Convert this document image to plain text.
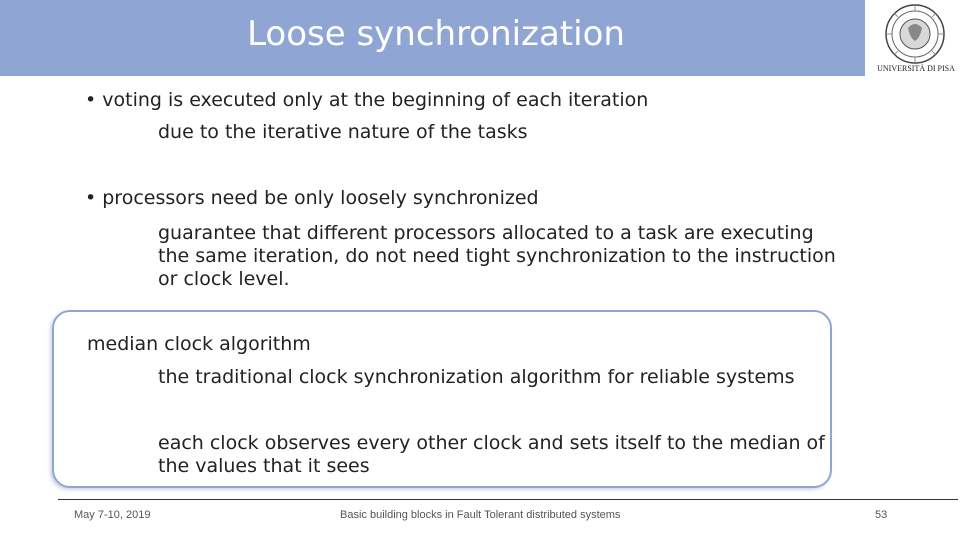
Loose synchronization
UNIVERSITÀ DI PISA
• voting is executed only at the beginning of each iteration
due to the iterative nature of the tasks
• processors need be only loosely synchronized
guarantee that different processors allocated to a task are executing the same iteration, do not need tight synchronization to the instruction or clock level.
median clock algorithm
the traditional clock synchronization algorithm for reliable systems
each clock observes every other clock and sets itself to the median of the values that it sees
May 7-10, 2019	Basic building blocks in Fault Tolerant distributed systems	53
